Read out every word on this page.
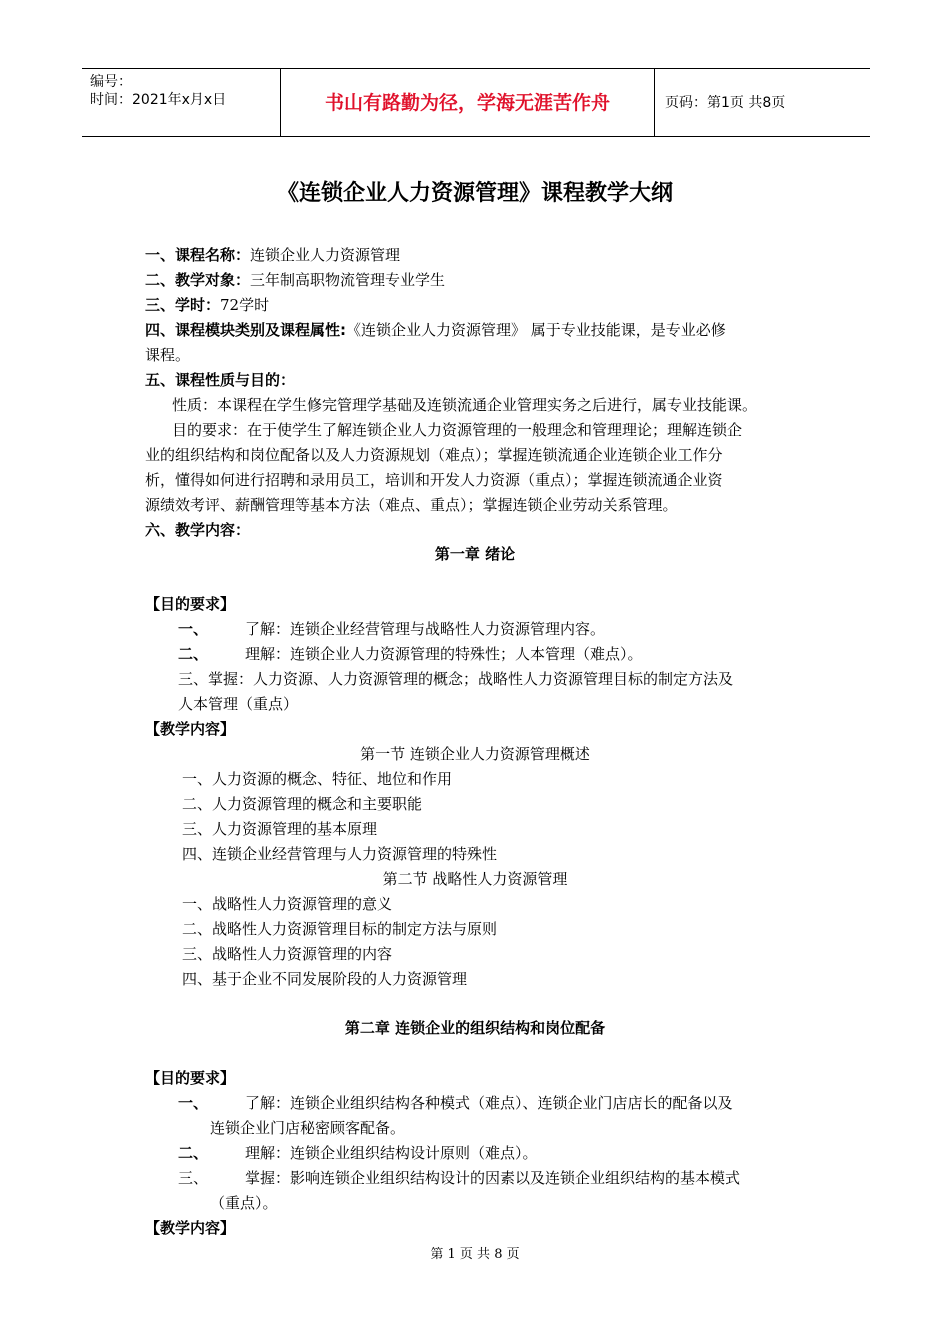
编号：
时间：2021年x月x日	书山有路勤为径，学海无涯苦作舟	页码：第1页 共8页
《连锁企业人力资源管理》课程教学大纲
一、课程名称：连锁企业人力资源管理
二、教学对象：三年制高职物流管理专业学生
三、学时：72学时
四、课程模块类别及课程属性:《连锁企业人力资源管理》 属于专业技能课，是专业必修
课程。
五、课程性质与目的：
性质：本课程在学生修完管理学基础及连锁流通企业管理实务之后进行，属专业技能课。
目的要求：在于使学生了解连锁企业人力资源管理的一般理念和管理理论；理解连锁企
业的组织结构和岗位配备以及人力资源规划（难点）；掌握连锁流通企业连锁企业工作分
析，懂得如何进行招聘和录用员工，培训和开发人力资源（重点）；掌握连锁流通企业资
源绩效考评、薪酬管理等基本方法（难点、重点）；掌握连锁企业劳动关系管理。
六、教学内容：
第一章 绪论
【目的要求】
一、 了解：连锁企业经营管理与战略性人力资源管理内容。
二、 理解：连锁企业人力资源管理的特殊性；人本管理（难点）。
三、掌握：人力资源、人力资源管理的概念；战略性人力资源管理目标的制定方法及
人本管理（重点）
【教学内容】
第一节 连锁企业人力资源管理概述
一、人力资源的概念、特征、地位和作用
二、人力资源管理的概念和主要职能
三、人力资源管理的基本原理
四、连锁企业经营管理与人力资源管理的特殊性
第二节 战略性人力资源管理
一、战略性人力资源管理的意义
二、战略性人力资源管理目标的制定方法与原则
三、战略性人力资源管理的内容
四、基于企业不同发展阶段的人力资源管理
第二章 连锁企业的组织结构和岗位配备
【目的要求】
一、 了解：连锁企业组织结构各种模式（难点）、连锁企业门店店长的配备以及
连锁企业门店秘密顾客配备。
二、 理解：连锁企业组织结构设计原则（难点）。
三、 掌握：影响连锁企业组织结构设计的因素以及连锁企业组织结构的基本模式
（重点）。
【教学内容】
第 1 页 共 8 页
